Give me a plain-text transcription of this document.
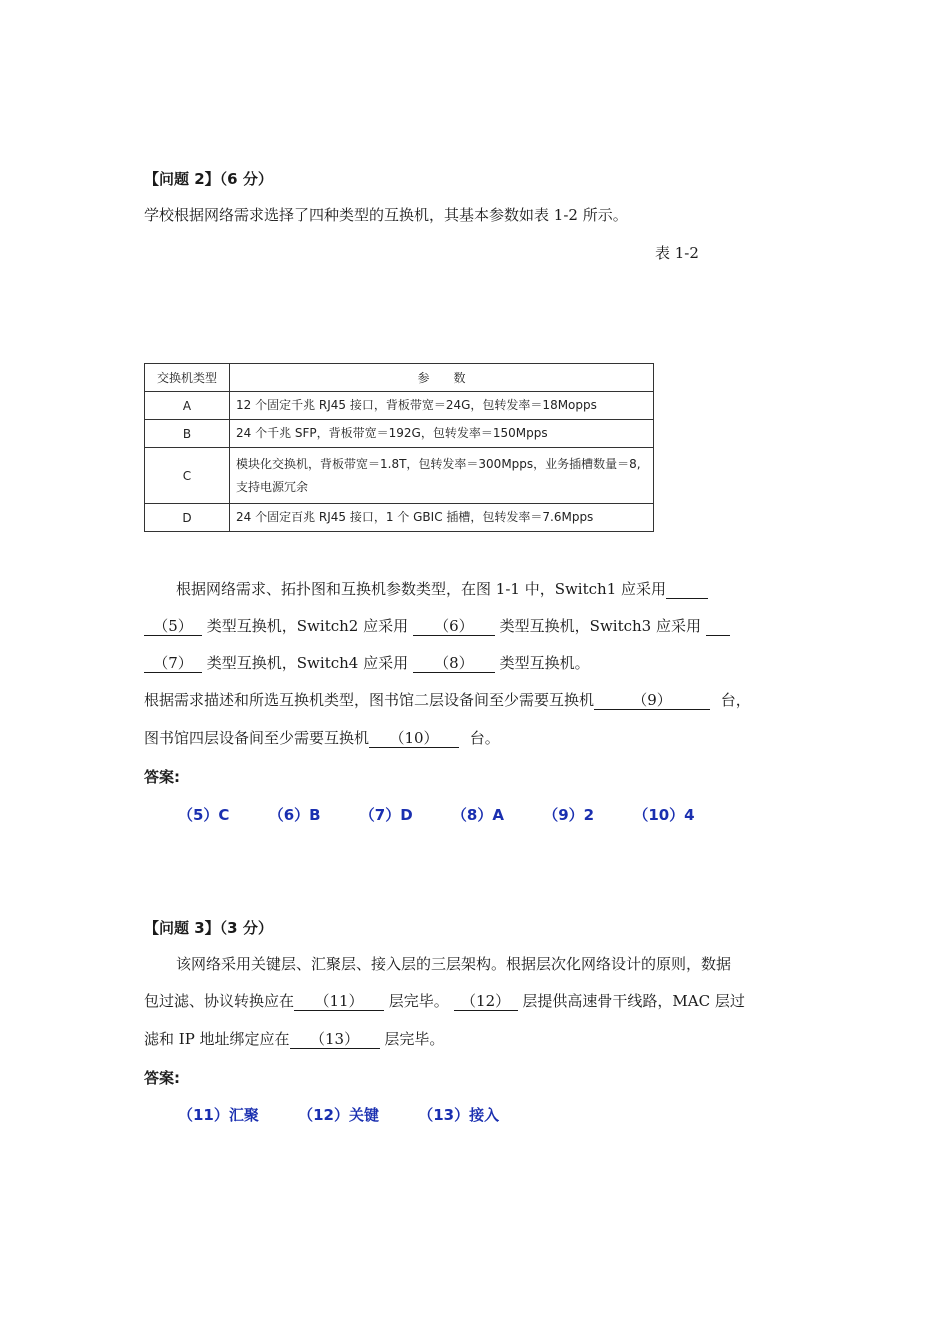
【问题 2】（6 分）
学校根据网络需求选择了四种类型的互换机，其基本参数如表 1-2 所示。
表 1-2
交换机类型	参　　数
A	12 个固定千兆 RJ45 接口，背板带宽＝24G，包转发率＝18Mopps
B	24 个千兆 SFP，背板带宽＝192G，包转发率＝150Mpps
C	模块化交换机，背板带宽＝1.8T，包转发率＝300Mpps，业务插槽数量＝8,
支持电源冗余

D	24 个固定百兆 RJ45 接口，1 个 GBIC 插槽，包转发率＝7.6Mpps
根据网络需求、拓扑图和互换机参数类型，在图 1-1 中，Switch1 应采用
（5） 类型互换机，Switch2 应采用 （6） 类型互换机，Switch3 应采用
（7） 类型互换机，Switch4 应采用 （8） 类型互换机。
根据需求描述和所选互换机类型，图书馆二层设备间至少需要互换机	（9）	台，
图书馆四层设备间至少需要互换机 （10） 台。
答案:
（5）C	（6）B	（7）D	（8）A	（9）2	（10）4
【问题 3】（3 分）
该网络采用关键层、汇聚层、接入层的三层架构。根据层次化网络设计的原则，数据
包过滤、协议转换应在 （11） 层完毕。 （12） 层提供高速骨干线路，MAC 层过
滤和 IP 地址绑定应在 （13） 层完毕。
答案:
（11）汇聚	（12）关键	（13）接入
